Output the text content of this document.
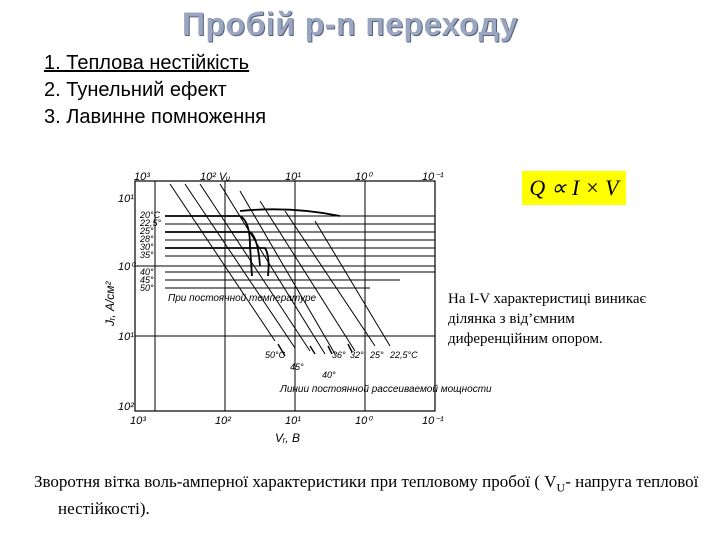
Пробій p-n переходу
1. Теплова нестійкість
2. Тунельний ефект
3. Лавинне помноження
10³	10² Vᵤ	10¹	10⁰	10⁻¹
10¹
10⁰
10¹
10²
10³	10²	10¹	10⁰	10⁻¹
Vᵣ, В
Jᵣ, А/см²
20°C
22,5°
25°
28°
30°
35°
40°
45°
50°
50°C	36° 32° 25° 22,5°C
45°
40°
При постоянной температуре
Линии постоянной рассеиваемой мощности
Q ∝ I × V
На I-V характеристиці виникає ділянка з від’ємним диференційним опором.
Зворотня вітка воль-амперної характеристики при тепловому пробої ( $V_U-$ напруга теплової нестійкості).
